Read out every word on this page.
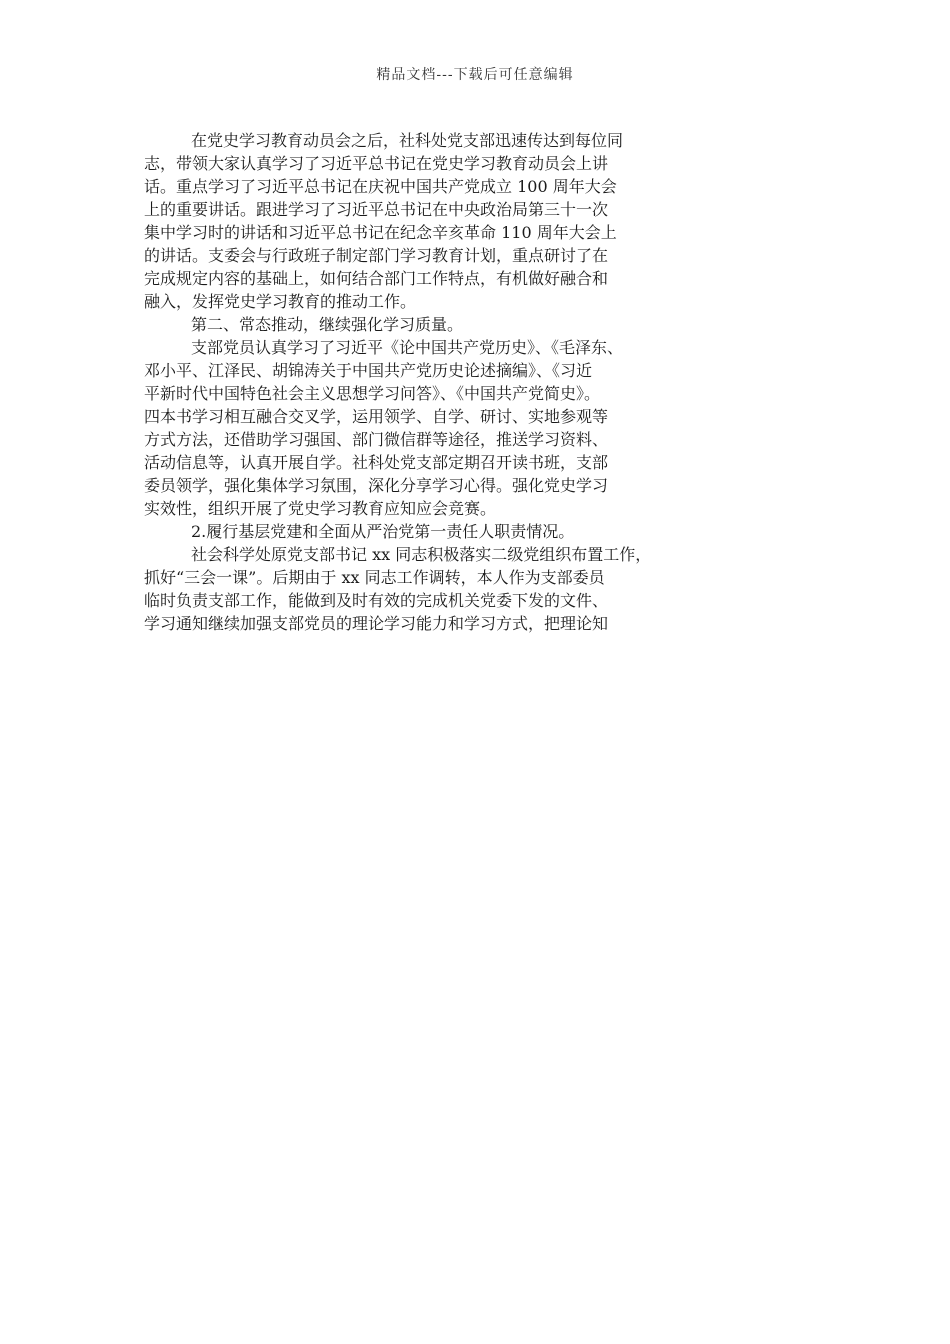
精品文档---下载后可任意编辑
在党史学习教育动员会之后，社科处党支部迅速传达到每位同
志，带领大家认真学习了习近平总书记在党史学习教育动员会上讲
话。重点学习了习近平总书记在庆祝中国共产党成立 100 周年大会
上的重要讲话。跟进学习了习近平总书记在中央政治局第三十一次
集中学习时的讲话和习近平总书记在纪念辛亥革命 110 周年大会上
的讲话。支委会与行政班子制定部门学习教育计划，重点研讨了在
完成规定内容的基础上，如何结合部门工作特点，有机做好融合和
融入，发挥党史学习教育的推动工作。
第二、常态推动，继续强化学习质量。
支部党员认真学习了习近平《论中国共产党历史》、《毛泽东、
邓小平、江泽民、胡锦涛关于中国共产党历史论述摘编》、《习近
平新时代中国特色社会主义思想学习问答》、《中国共产党简史》。
四本书学习相互融合交叉学，运用领学、自学、研讨、实地参观等
方式方法，还借助学习强国、部门微信群等途径，推送学习资料、
活动信息等，认真开展自学。社科处党支部定期召开读书班，支部
委员领学，强化集体学习氛围，深化分享学习心得。强化党史学习
实效性，组织开展了党史学习教育应知应会竞赛。
2.履行基层党建和全面从严治党第一责任人职责情况。
社会科学处原党支部书记 xx 同志积极落实二级党组织布置工作，
抓好“三会一课”。后期由于 xx 同志工作调转，本人作为支部委员
临时负责支部工作，能做到及时有效的完成机关党委下发的文件、
学习通知继续加强支部党员的理论学习能力和学习方式，把理论知
